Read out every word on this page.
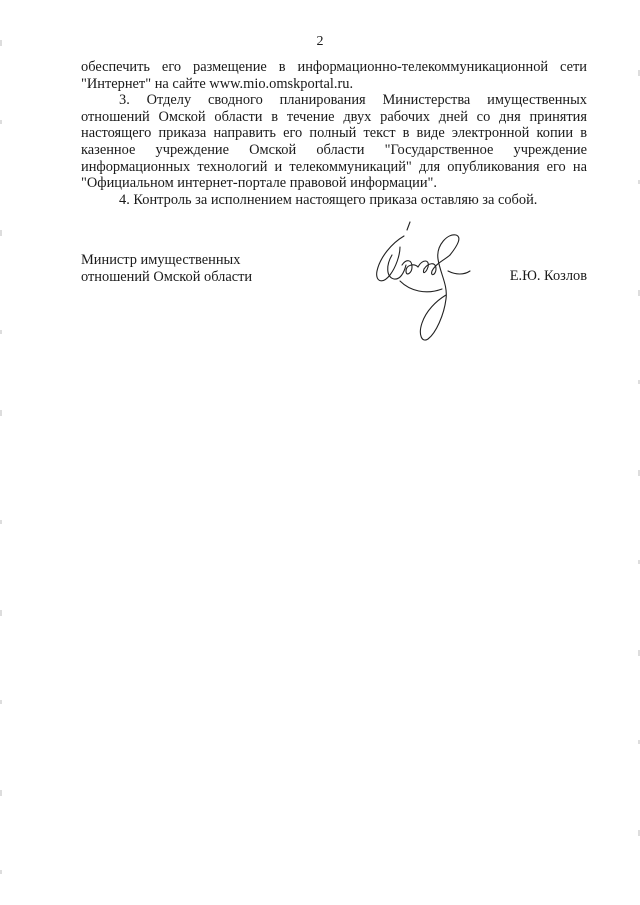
2

обеспечить его размещение в информационно-телекоммуникационной сети "Интернет" на сайте www.mio.omskportal.ru.

3. Отделу сводного планирования Министерства имущественных отношений Омской области в течение двух рабочих дней со дня принятия настоящего приказа направить его полный текст в виде электронной копии в казенное учреждение Омской области "Государственное учреждение информационных технологий и телекоммуникаций" для опубликования его на "Официальном интернет-портале правовой информации".

4. Контроль за исполнением настоящего приказа оставляю за собой.

Министр имущественных
отношений Омской области	Е.Ю. Козлов
